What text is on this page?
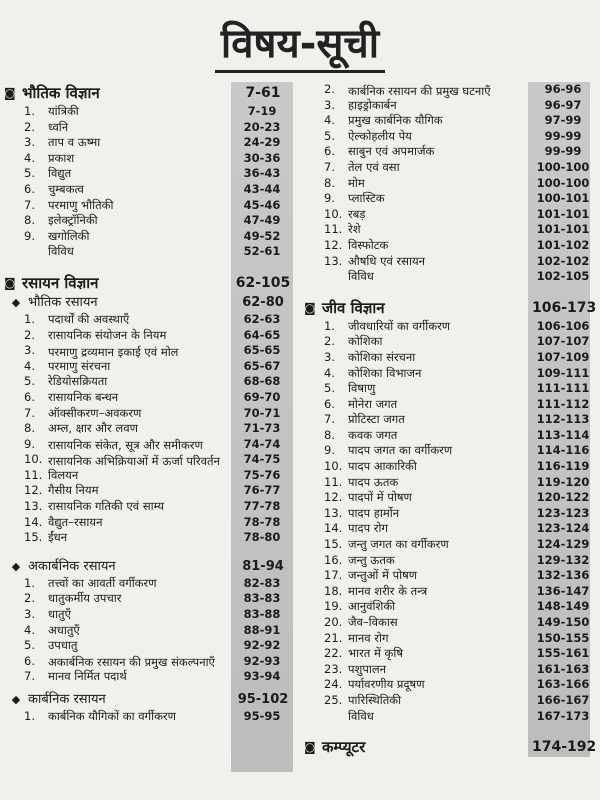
विषय-सूची
◙ भौतिक विज्ञान	7-61
1.	यांत्रिकी	7-19
2.	ध्वनि	20-23
3.	ताप व ऊष्मा	24-29
4.	प्रकाश	30-36
5.	विद्युत	36-43
6.	चुम्बकत्व	43-44
7.	परमाणु भौतिकी	45-46
8.	इलेक्ट्रॉनिकी	47-49
9.	खगोलिकी	49-52
विविध	52-61
◙ रसायन विज्ञान	62-105
◆ भौतिक रसायन	62-80
1.	पदार्थों की अवस्थाएँ	62-63
2.	रासायनिक संयोजन के नियम	64-65
3.	परमाणु द्रव्यमान इकाई एवं मोल	65-65
4.	परमाणु संरचना	65-67
5.	रेडियोसक्रियता	68-68
6.	रासायनिक बन्धन	69-70
7.	ऑक्सीकरण–अवकरण	70-71
8.	अम्ल, क्षार और लवण	71-73
9.	रासायनिक संकेत, सूत्र और समीकरण	74-74
10. रासायनिक अभिक्रियाओं में ऊर्जा परिवर्तन	74-75
11. विलयन	75-76
12. गैसीय नियम	76-77
13. रासायनिक गतिकी एवं साम्य	77-78
14. वैद्युत–रसायन	78-78
15. ईंधन	78-80
◆ अकार्बनिक रसायन	81-94
1.	तत्त्वों का आवर्ती वर्गीकरण	82-83
2.	धातुकर्मीय उपचार	83-83
3.	धातुएँ	83-88
4.	अधातुएँ	88-91
5.	उपधातु	92-92
6.	अकार्बनिक रसायन की प्रमुख संकल्पनाएँ	92-93
7.	मानव निर्मित पदार्थ	93-94
◆ कार्बनिक रसायन	95-102
1.	कार्बनिक यौगिकों का वर्गीकरण	95-95
2.	कार्बनिक रसायन की प्रमुख घटनाएँ	96-96
3.	हाइड्रोकार्बन	96-97
4.	प्रमुख कार्बनिक यौगिक	97-99
5.	ऐल्कोहलीय पेय	99-99
6.	साबुन एवं अपमार्जक	99-99
7.	तेल एवं वसा	100-100
8.	मोम	100-100
9.	प्लास्टिक	100-101
10. रबड़	101-101
11. रेशे	101-101
12. विस्फोटक	101-102
13. औषधि एवं रसायन	102-102
विविध	102-105
◙ जीव विज्ञान	106-173
1.	जीवधारियों का वर्गीकरण	106-106
2.	कोशिका	107-107
3.	कोशिका संरचना	107-109
4.	कोशिका विभाजन	109-111
5.	विषाणु	111-111
6.	मोनेरा जगत	111-112
7.	प्रोटिस्टा जगत	112-113
8.	कवक जगत	113-114
9.	पादप जगत का वर्गीकरण	114-116
10. पादप आकारिकी	116-119
11. पादप ऊतक	119-120
12. पादपों में पोषण	120-122
13. पादप हार्मोन	123-123
14. पादप रोग	123-124
15. जन्तु जगत का वर्गीकरण	124-129
16. जन्तु ऊतक	129-132
17. जन्तुओं में पोषण	132-136
18. मानव शरीर के तन्त्र	136-147
19. आनुवंशिकी	148-149
20. जैव–विकास	149-150
21. मानव रोग	150-155
22. भारत में कृषि	155-161
23. पशुपालन	161-163
24. पर्यावरणीय प्रदूषण	163-166
25. पारिस्थितिकी	166-167
विविध	167-173
◙ कम्प्यूटर	174-192
